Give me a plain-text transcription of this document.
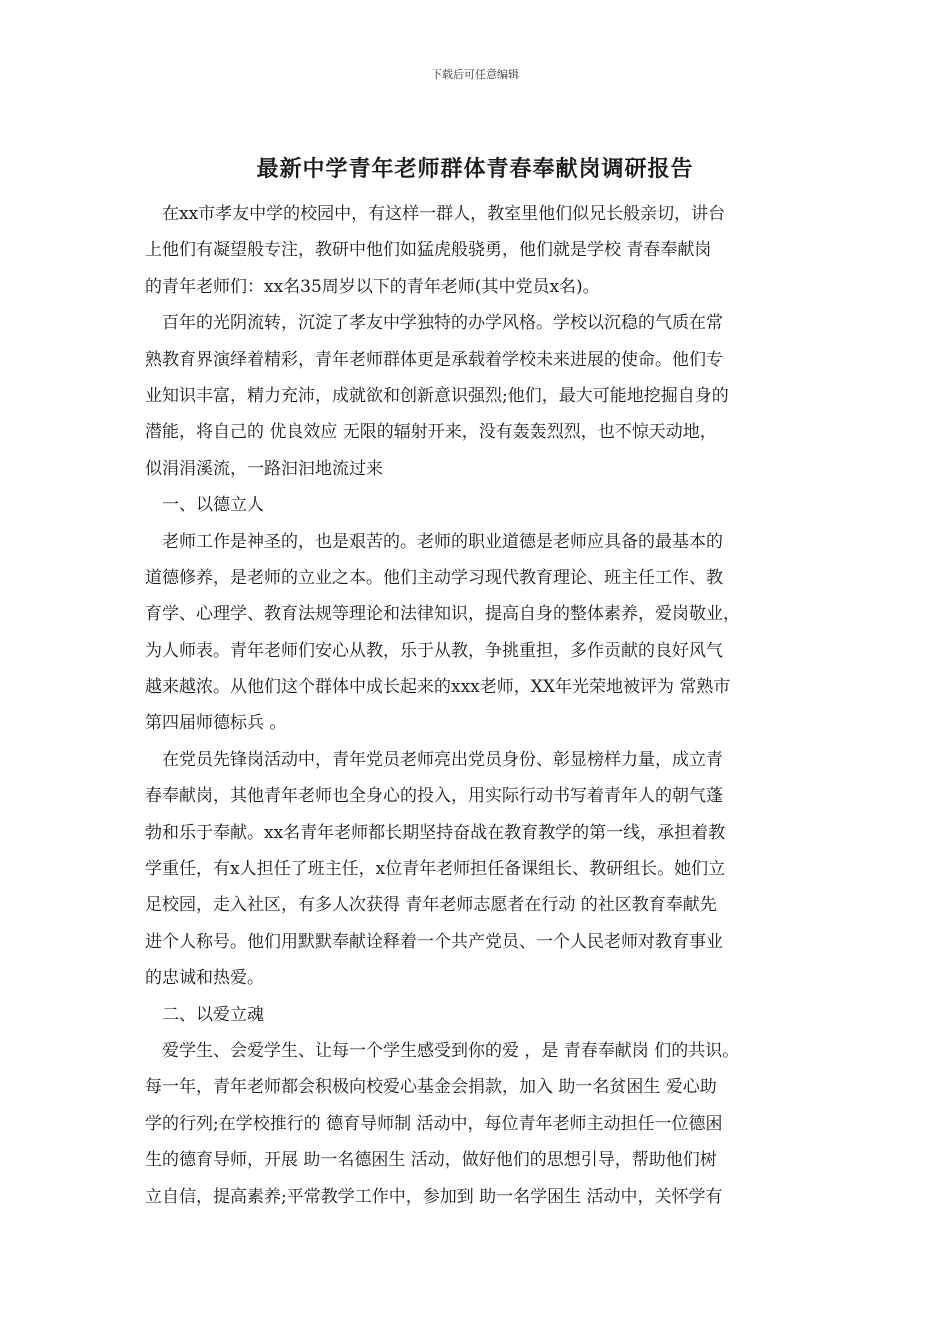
下载后可任意编辑
最新中学青年老师群体青春奉献岗调研报告
　在xx市孝友中学的校园中，有这样一群人，教室里他们似兄长般亲切，讲台
上他们有凝望般专注，教研中他们如猛虎般骁勇，他们就是学校 青春奉献岗
的青年老师们：xx名35周岁以下的青年老师(其中党员x名)。
　百年的光阴流转，沉淀了孝友中学独特的办学风格。学校以沉稳的气质在常
熟教育界演绎着精彩，青年老师群体更是承载着学校未来进展的使命。他们专
业知识丰富，精力充沛，成就欲和创新意识强烈;他们，最大可能地挖掘自身的
潜能，将自己的 优良效应 无限的辐射开来，没有轰轰烈烈，也不惊天动地，
似涓涓溪流，一路汩汩地流过来
　一、以德立人
　老师工作是神圣的，也是艰苦的。老师的职业道德是老师应具备的最基本的
道德修养，是老师的立业之本。他们主动学习现代教育理论、班主任工作、教
育学、心理学、教育法规等理论和法律知识，提高自身的整体素养，爱岗敬业，
为人师表。青年老师们安心从教，乐于从教，争挑重担，多作贡献的良好风气
越来越浓。从他们这个群体中成长起来的xxx老师，XX年光荣地被评为 常熟市
第四届师德标兵 。
　在党员先锋岗活动中，青年党员老师亮出党员身份、彰显榜样力量，成立青
春奉献岗，其他青年老师也全身心的投入，用实际行动书写着青年人的朝气蓬
勃和乐于奉献。xx名青年老师都长期坚持奋战在教育教学的第一线，承担着教
学重任，有x人担任了班主任，x位青年老师担任备课组长、教研组长。她们立
足校园，走入社区，有多人次获得 青年老师志愿者在行动 的社区教育奉献先
进个人称号。他们用默默奉献诠释着一个共产党员、一个人民老师对教育事业
的忠诚和热爱。
　二、以爱立魂
　爱学生、会爱学生、让每一个学生感受到你的爱 ，是 青春奉献岗 们的共识。
每一年，青年老师都会积极向校爱心基金会捐款，加入 助一名贫困生 爱心助
学的行列;在学校推行的 德育导师制 活动中，每位青年老师主动担任一位德困
生的德育导师，开展 助一名德困生 活动，做好他们的思想引导，帮助他们树
立自信，提高素养;平常教学工作中，参加到 助一名学困生 活动中，关怀学有
